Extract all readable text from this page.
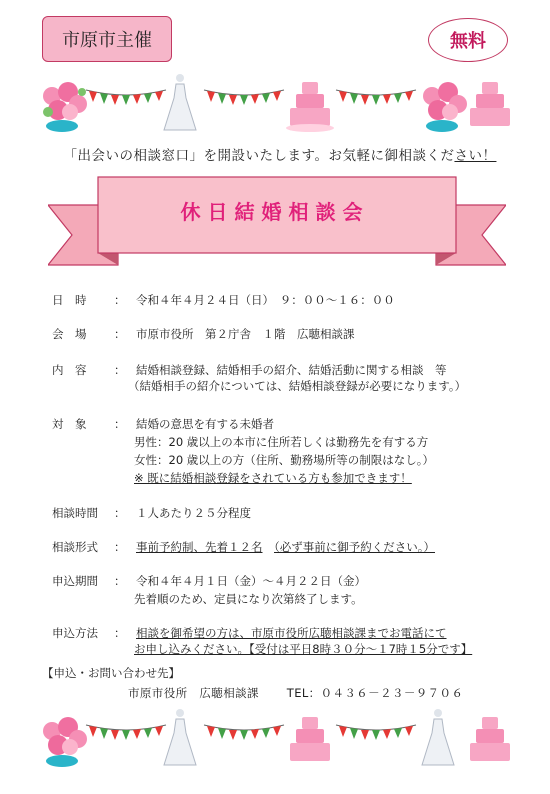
市原市主催	無料
「出会いの相談窓口」を開設いたします。お気軽に御相談ください！
休日結婚相談会
日　時	： 令和４年４月２４日（日）　９：００～１６：００
会　場	： 市原市役所　第２庁舎　１階　広聴相談課
内　容	： 結婚相談登録、結婚相手の紹介、結婚活動に関する相談　等
（結婚相手の紹介については、結婚相談登録が必要になります。）
対　象	： 結婚の意思を有する未婚者
男性：20 歳以上の本市に住所若しくは勤務先を有する方
女性：20 歳以上の方（住所、勤務場所等の制限はなし。）
※ 既に結婚相談登録をされている方も参加できます！
相談時間	： １人あたり２５分程度
相談形式	： 事前予約制、先着１２名　 （必ず事前に御予約ください。）
申込期間	： 令和４年４月１日（金）～４月２２日（金）
先着順のため、定員になり次第終了します。
申込方法	： 相談を御希望の方は、市原市役所広聴相談課までお電話にて
お申し込みください。【受付は平日8時３０分～１7時１5分です】
【申込・お問い合わせ先】
市原市役所　広聴相談課　　 TEL：０４３６－２３－９７０６
